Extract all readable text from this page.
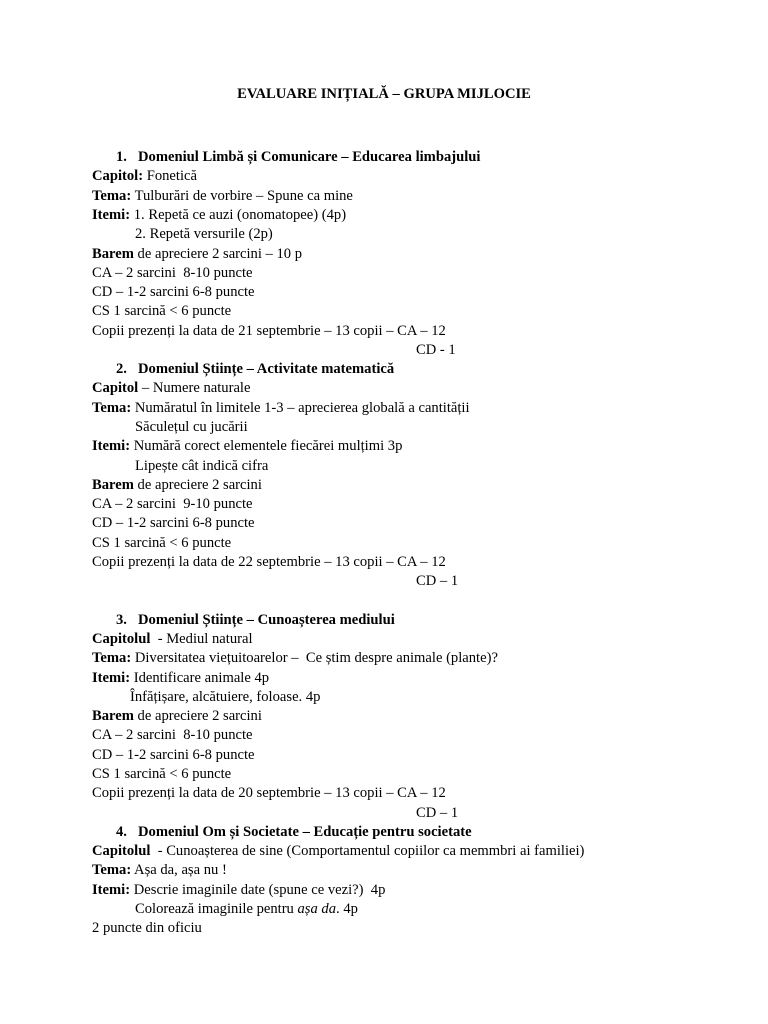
EVALUARE INIȚIALĂ – GRUPA MIJLOCIE
1. Domeniul Limbă și Comunicare – Educarea limbajului
Capitol: Fonetică
Tema: Tulburări de vorbire – Spune ca mine
Itemi: 1. Repetă ce auzi (onomatopee) (4p)
2. Repetă versurile (2p)
Barem de apreciere 2 sarcini – 10 p
CA – 2 sarcini  8-10 puncte
CD – 1-2 sarcini 6-8 puncte
CS 1 sarcină < 6 puncte
Copii prezenți la data de 21 septembrie – 13 copii – CA – 12
CD - 1
2. Domeniul Științe – Activitate matematică
Capitol – Numere naturale
Tema: Număratul în limitele 1-3 – aprecierea globală a cantității
Săculețul cu jucării
Itemi: Numără corect elementele fiecărei mulțimi 3p
Lipește cât indică cifra
Barem de apreciere 2 sarcini
CA – 2 sarcini  9-10 puncte
CD – 1-2 sarcini 6-8 puncte
CS 1 sarcină < 6 puncte
Copii prezenți la data de 22 septembrie – 13 copii – CA – 12
CD – 1
3. Domeniul Științe – Cunoașterea mediului
Capitolul  - Mediul natural
Tema: Diversitatea viețuitoarelor –  Ce știm despre animale (plante)?
Itemi: Identificare animale 4p
Înfățișare, alcătuiere, foloase. 4p
Barem de apreciere 2 sarcini
CA – 2 sarcini  8-10 puncte
CD – 1-2 sarcini 6-8 puncte
CS 1 sarcină < 6 puncte
Copii prezenți la data de 20 septembrie – 13 copii – CA – 12
CD – 1
4. Domeniul Om și Societate – Educație pentru societate
Capitolul  - Cunoașterea de sine (Comportamentul copiilor ca memmbri ai familiei)
Tema: Așa da, așa nu !
Itemi: Descrie imaginile date (spune ce vezi?)  4p
Colorează imaginile pentru așa da. 4p
2 puncte din oficiu
